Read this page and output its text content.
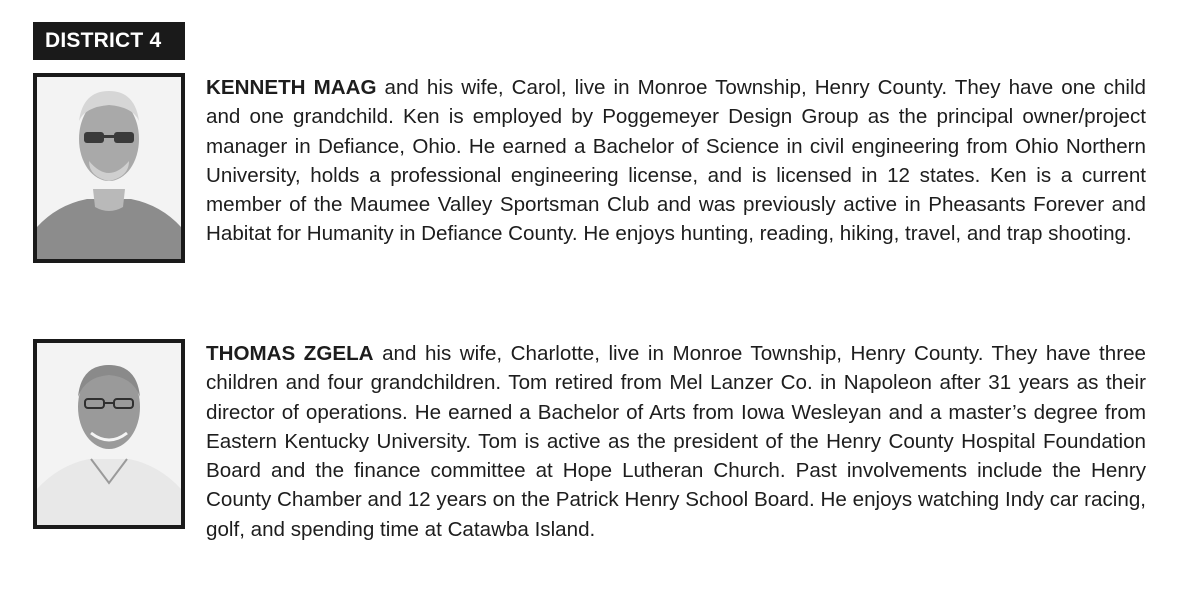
DISTRICT 4

KENNETH MAAG and his wife, Carol, live in Monroe Township, Henry County. They have one child and one grandchild. Ken is employed by Poggemeyer Design Group as the principal owner/project manager in Defiance, Ohio. He earned a Bachelor of Science in civil engineering from Ohio Northern University, holds a professional engineering license, and is licensed in 12 states. Ken is a current member of the Maumee Valley Sportsman Club and was previously active in Pheasants Forever and Habitat for Humanity in Defiance County. He enjoys hunting, reading, hiking, travel, and trap shooting.

THOMAS ZGELA and his wife, Charlotte, live in Monroe Township, Henry County. They have three children and four grandchildren. Tom retired from Mel Lanzer Co. in Napoleon after 31 years as their director of operations. He earned a Bachelor of Arts from Iowa Wesleyan and a master’s degree from Eastern Kentucky University. Tom is active as the president of the Henry County Hospital Foundation Board and the finance committee at Hope Lutheran Church. Past involvements include the Henry County Chamber and 12 years on the Patrick Henry School Board. He enjoys watching Indy car racing, golf, and spending time at Catawba Island.
